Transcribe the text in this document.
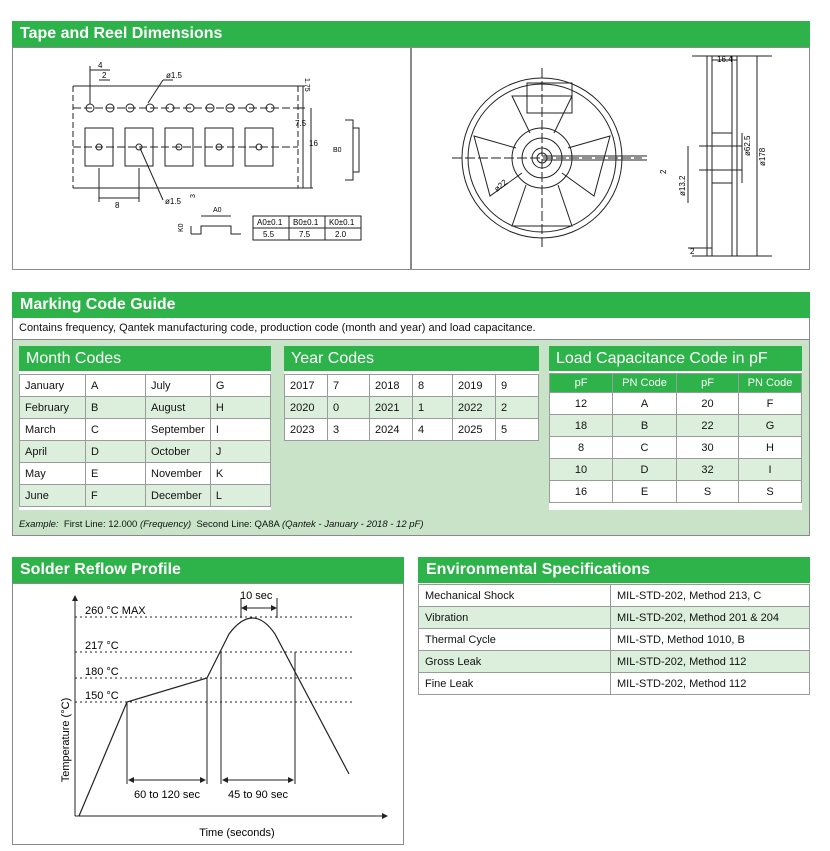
Tape and Reel Dimensions
4
2	ø1.5
ø1.5
8
1.75
7.5
16
B0
A0
K0
3
A0±0.1 B0±0.1 K0±0.1
5.5	7.5	2.0
16.4
ø22
ø62.5
ø178
ø13.2
2
2
Marking Code Guide
Contains frequency, Qantek manufacturing code, production code (month and year) and load capacitance.
Month Codes
January	A	July	G
February	B	August	H
March	C	September	I
April	D	October	J
May	E	November	K
June	F	December	L
Year Codes
2017	7	2018	8	2019	9
2020	0	2021	1	2022	2
2023	3	2024	4	2025	5
Load Capacitance Code in pF
pF	PN Code	pF	PN Code
12	A	20	F
18	B	22	G
8	C	30	H
10	D	32	I
16	E	S	S
Example: First Line: 12.000 (Frequency) Second Line: QA8A (Qantek - January - 2018 - 12 pF)
Solder Reflow Profile
10 sec
260 °C MAX
217 °C
180 °C
150 °C
Temperature (°C)
Time (seconds)
60 to 120 sec	45 to 90 sec
Environmental Specifications
Mechanical Shock	MIL-STD-202, Method 213, C
Vibration	MIL-STD-202, Method 201 & 204
Thermal Cycle	MIL-STD, Method 1010, B
Gross Leak	MIL-STD-202, Method 112
Fine Leak	MIL-STD-202, Method 112
